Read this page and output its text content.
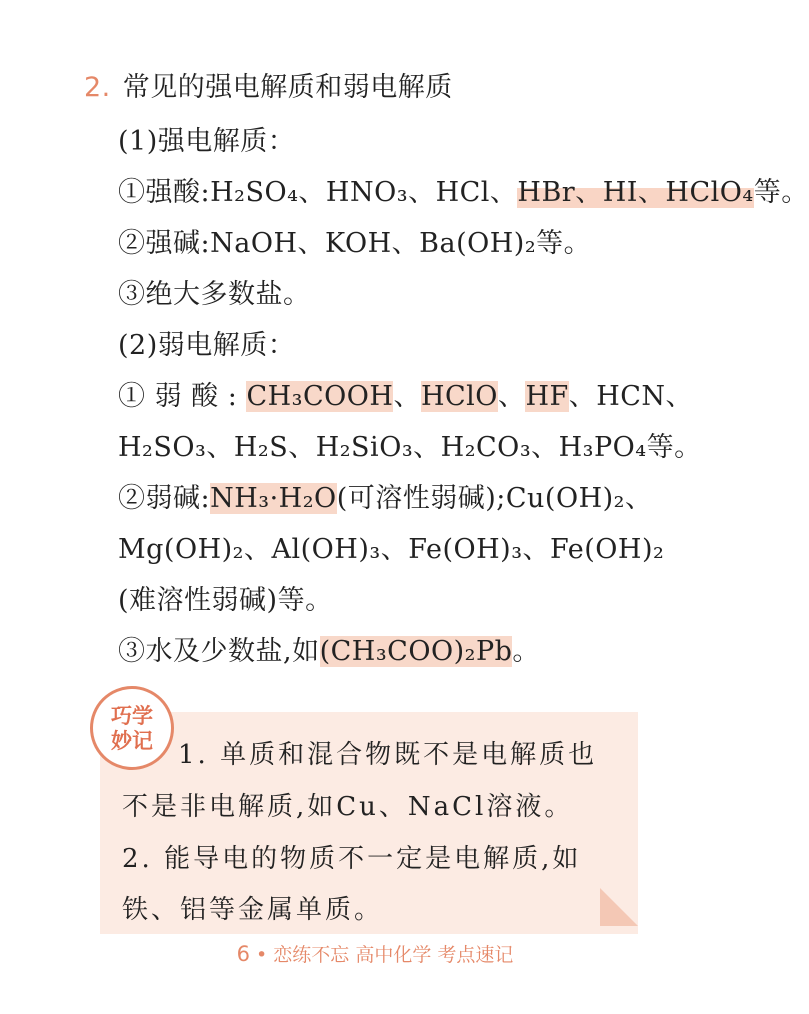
2. 常见的强电解质和弱电解质
(1)强电解质：
①强酸:H₂SO₄、HNO₃、HCl、HBr、HI、HClO₄等。
②强碱:NaOH、KOH、Ba(OH)₂等。
③绝大多数盐。
(2)弱电解质：
① 弱 酸 : CH₃COOH、HClO、HF、HCN、
H₂SO₃、H₂S、H₂SiO₃、H₂CO₃、H₃PO₄等。
②弱碱:NH₃·H₂O(可溶性弱碱);Cu(OH)₂、
Mg(OH)₂、Al(OH)₃、Fe(OH)₃、Fe(OH)₂
(难溶性弱碱)等。
③水及少数盐,如(CH₃COO)₂Pb。
巧学
妙记 1. 单质和混合物既不是电解质也
不是非电解质,如Cu、NaCl溶液。
2. 能导电的物质不一定是电解质,如
铁、铝等金属单质。
6 • 恋练不忘 高中化学 考点速记
